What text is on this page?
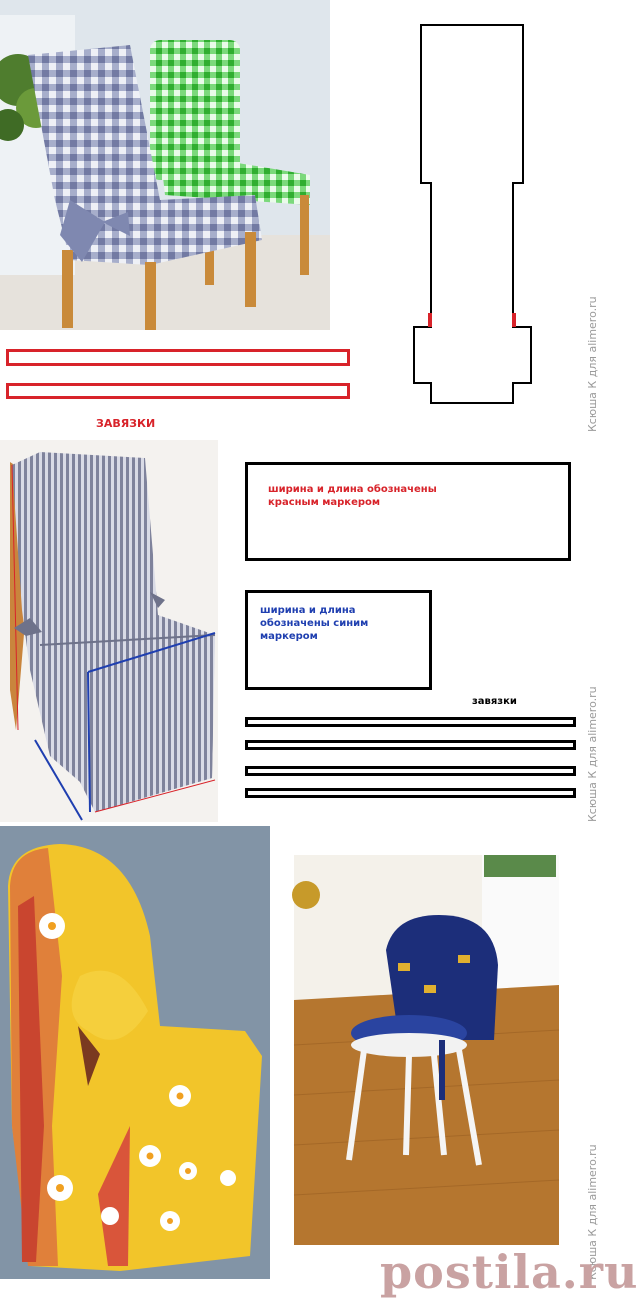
ЗАВЯЗКИ
ширина и длина обозначены красным маркером
ширина и длина обозначены синим маркером
завязки
Ксюша К для alimero.ru
Ксюша К для alimero.ru
Ксюша К для alimero.ru
postila.ru
